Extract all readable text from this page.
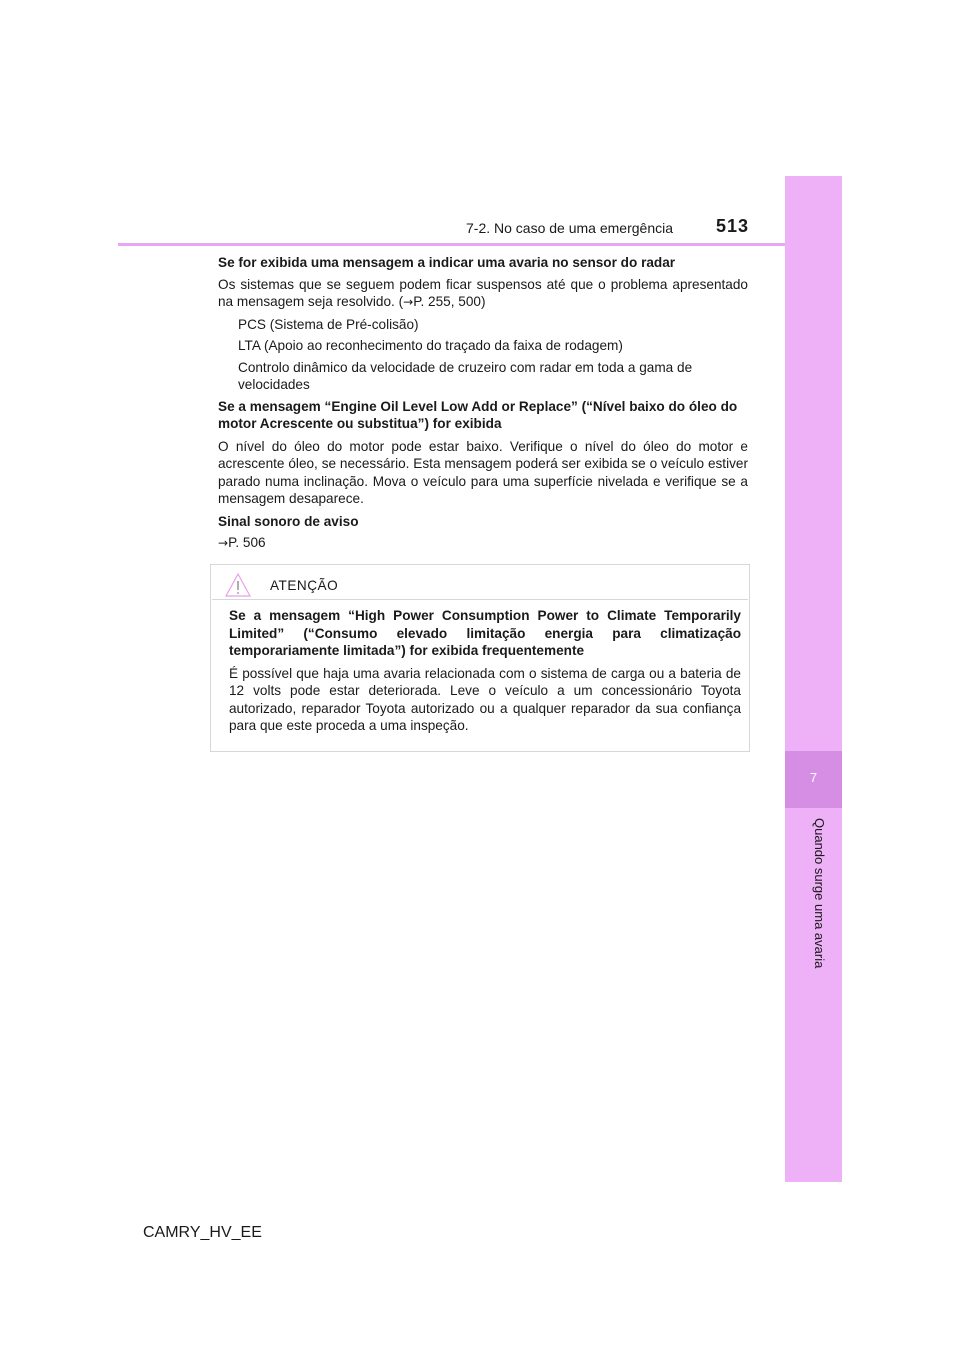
7-2. No caso de uma emergência	513
7
Quando surge uma avaria

Se for exibida uma mensagem a indicar uma avaria no sensor do radar

Os sistemas que se seguem podem ficar suspensos até que o problema apresentado na mensagem seja resolvido. (→P. 255, 500)

PCS (Sistema de Pré-colisão)

LTA (Apoio ao reconhecimento do traçado da faixa de rodagem)

Controlo dinâmico da velocidade de cruzeiro com radar em toda a gama de velocidades

Se a mensagem “Engine Oil Level Low Add or Replace” (“Nível baixo do óleo do motor Acrescente ou substitua”) for exibida

O nível do óleo do motor pode estar baixo. Verifique o nível do óleo do motor e acrescente óleo, se necessário. Esta mensagem poderá ser exibida se o veículo estiver parado numa inclinação. Mova o veículo para uma superfície nivelada e verifique se a mensagem desaparece.

Sinal sonoro de aviso

→P. 506

ATENÇÃO

Se a mensagem “High Power Consumption Power to Climate Temporarily Limited” (“Consumo elevado limitação energia para climatização temporariamente limitada”) for exibida frequentemente

É possível que haja uma avaria relacionada com o sistema de carga ou a bateria de 12 volts pode estar deteriorada. Leve o veículo a um concessionário Toyota autorizado, reparador Toyota autorizado ou a qualquer reparador da sua confiança para que este proceda a uma inspeção.

CAMRY_HV_EE
